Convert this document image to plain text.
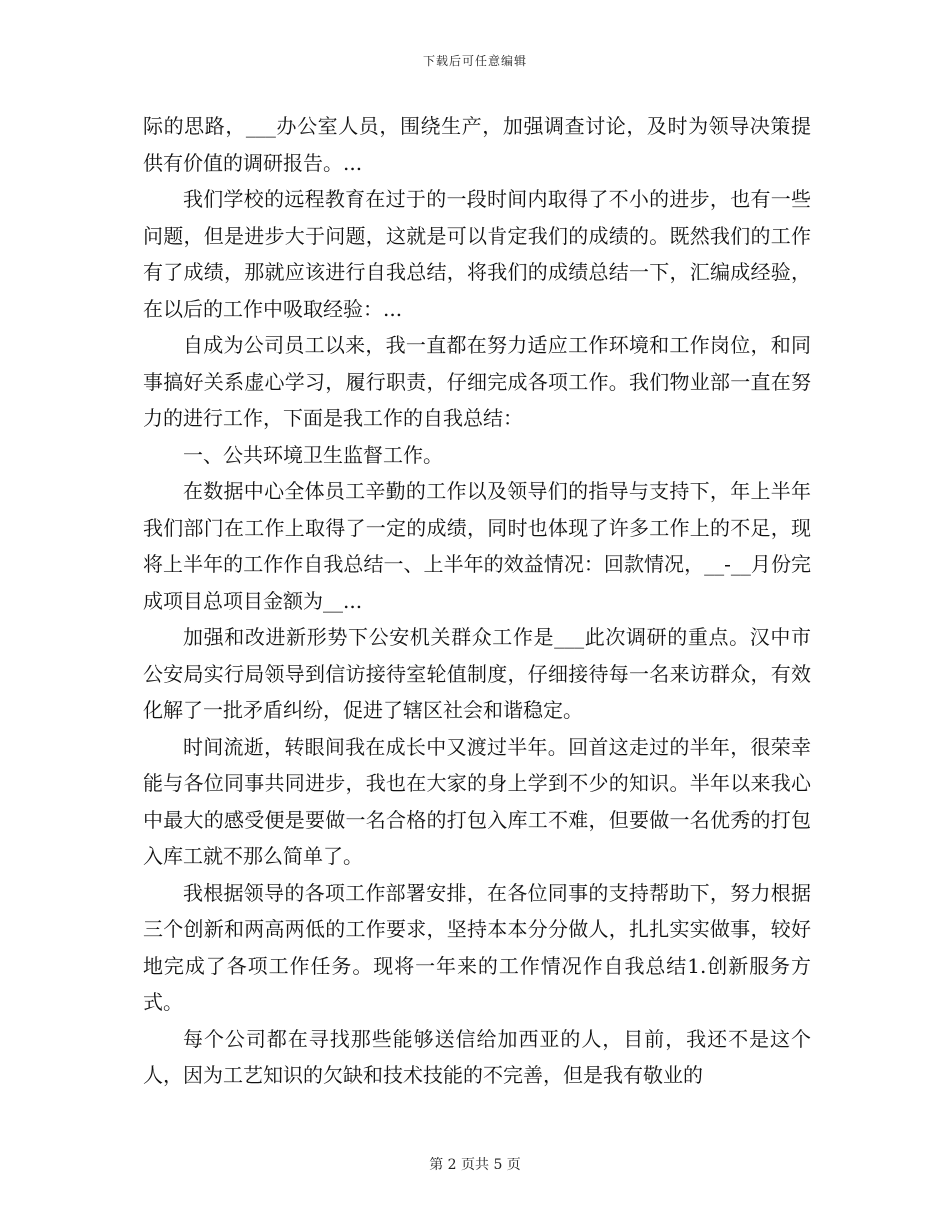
下载后可任意编辑

际的思路，___办公室人员，围绕生产，加强调查讨论，及时为领导决策提供有价值的调研报告。...

我们学校的远程教育在过于的一段时间内取得了不小的进步，也有一些问题，但是进步大于问题，这就是可以肯定我们的成绩的。既然我们的工作有了成绩，那就应该进行自我总结，将我们的成绩总结一下，汇编成经验，在以后的工作中吸取经验：...

自成为公司员工以来，我一直都在努力适应工作环境和工作岗位，和同事搞好关系虚心学习，履行职责，仔细完成各项工作。我们物业部一直在努力的进行工作，下面是我工作的自我总结：

一、公共环境卫生监督工作。

在数据中心全体员工辛勤的工作以及领导们的指导与支持下，年上半年我们部门在工作上取得了一定的成绩，同时也体现了许多工作上的不足，现将上半年的工作作自我总结一、上半年的效益情况：回款情况，__-__月份完成项目总项目金额为__...

加强和改进新形势下公安机关群众工作是___此次调研的重点。汉中市公安局实行局领导到信访接待室轮值制度，仔细接待每一名来访群众，有效化解了一批矛盾纠纷，促进了辖区社会和谐稳定。

时间流逝，转眼间我在成长中又渡过半年。回首这走过的半年，很荣幸能与各位同事共同进步，我也在大家的身上学到不少的知识。半年以来我心中最大的感受便是要做一名合格的打包入库工不难，但要做一名优秀的打包入库工就不那么简单了。

我根据领导的各项工作部署安排，在各位同事的支持帮助下，努力根据三个创新和两高两低的工作要求，坚持本本分分做人，扎扎实实做事，较好地完成了各项工作任务。现将一年来的工作情况作自我总结1.创新服务方式。

每个公司都在寻找那些能够送信给加西亚的人，目前，我还不是这个人，因为工艺知识的欠缺和技术技能的不完善，但是我有敬业的

第 2 页共 5 页
